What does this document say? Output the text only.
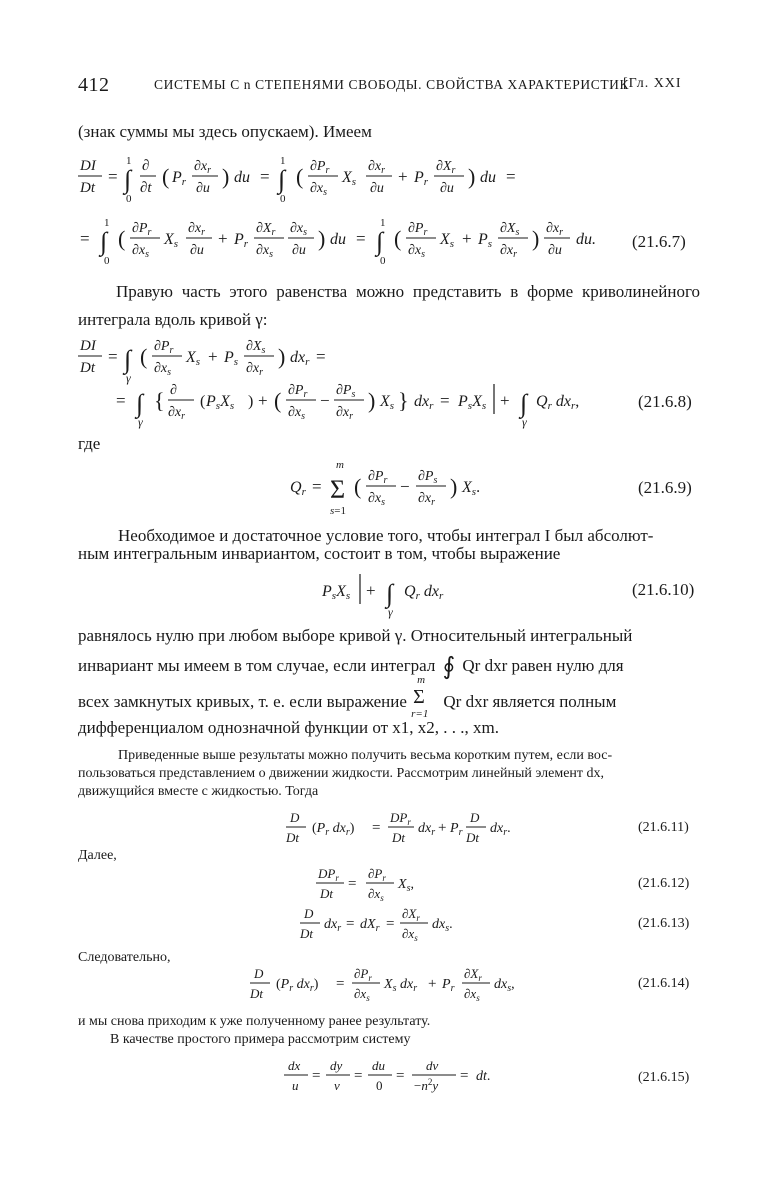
412	СИСТЕМЫ С n СТЕПЕНЯМИ СВОБОДЫ. СВОЙСТВА ХАРАКТЕРИСТИК
[Гл. XXI
(знак суммы мы здесь опускаем). Имеем
DI
Dt
=
1
∫
0
∂
∂t ( Pr
$\partial x_r$
∂u ) du =
1
∫
0
( $\partial P_r$
$\partial x_s$
Xs
$\partial x_r$
∂u
+ Pr
$\partial X_r$
∂u ) du =
=
1
∫
0
( $\partial P_r$
$\partial x_s$
Xs
$\partial x_r$
∂u
+ Pr
$\partial X_r$
$\partial x_s$
$\partial x_s$
∂u ) du =
1
∫
0
( $\partial P_r$
$\partial x_s$
Xs + Ps
$\partial X_s$
$\partial x_r$
) $\partial x_r$
∂u
du. (21.6.7)
Правую часть этого равенства можно представить в форме криволинейного интеграла вдоль кривой γ:
DI
Dt
= ∫
γ
( $\partial P_r$
$\partial x_s$
Xs + Ps
$\partial X_s$
$\partial x_r$
) dxr =
= ∫
γ
{ ∂
$\partial x_r$
( PsXs ) + ( $\partial P_r$
$\partial x_s$
−
$\partial P_s$
$\partial x_r$
) Xs } dxr = PsXs + ∫
γ
Qr dxr,	(21.6.8)
где
Qr =
m
Σ
s=1
( $\partial P_r$
$\partial x_s$
−
$\partial P_s$
$\partial x_r$
) Xs.	(21.6.9)
Необходимое и достаточное условие того, чтобы интеграл I был абсолют-
ным интегральным инвариантом, состоит в том, чтобы выражение
PsXs + ∫
γ
Qr dxr	(21.6.10)
равнялось нулю при любом выборе кривой γ. Относительный интегральный
инвариант мы имеем в том случае, если интеграл ∮ Qr dxr равен нулю для
всех замкнутых кривых, т. е. если выражение
m
Σ
r=1
Qr dxr является полным
дифференциалом однозначной функции от x1, x2, . . ., xm.
Приведенные выше результаты можно получить весьма коротким путем, если вос-
пользоваться представлением о движении жидкости. Рассмотрим линейный элемент dx,
движущийся вместе с жидкостью. Тогда
D
Dt
($P_r$ $dx_r$) =
$DP_r$
Dt
$dx_r + P_r$
D
Dt
$dx_r$.	(21.6.11)
Далее,
$DP_r$
Dt
=
$\partial P_r$
$\partial x_s$
$X_s$,	(21.6.12)
D
Dt
$dx_r = dX_r$ =
$\partial X_r$
$\partial x_s$
$dx_s$.	(21.6.13)
Следовательно,
D
Dt
($P_r$ $dx_r$) =
$\partial P_r$
$\partial x_s$
$X_s$ $dx_r + P_r$
$\partial X_r$
$\partial x_s$
$dx_s$,	(21.6.14)
и мы снова приходим к уже полученному ранее результату.
В качестве простого примера рассмотрим систему
dx
u
=
dy
v
=
du
0
=
dv
$-n^2y$
= dt.	(21.6.15)
